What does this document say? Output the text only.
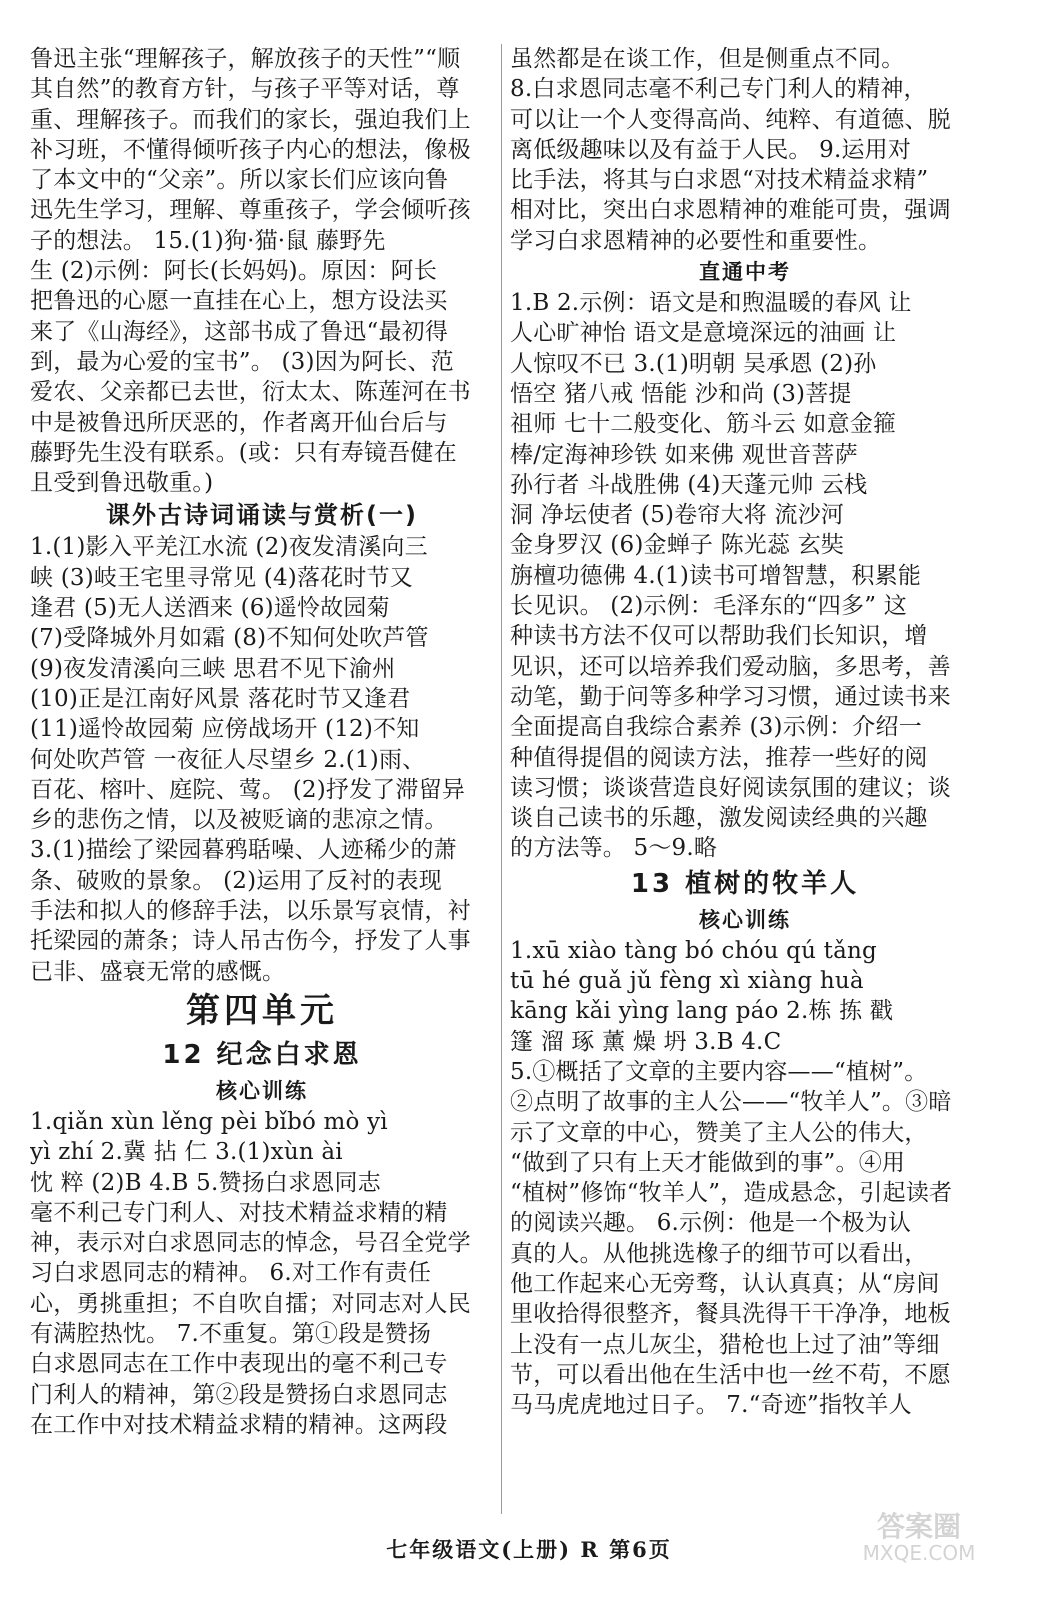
鲁迅主张“理解孩子，解放孩子的天性”“顺
其自然”的教育方针，与孩子平等对话，尊
重、理解孩子。而我们的家长，强迫我们上
补习班，不懂得倾听孩子内心的想法，像极
了本文中的“父亲”。所以家长们应该向鲁
迅先生学习，理解、尊重孩子，学会倾听孩
子的想法。 15.(1)狗·猫·鼠 藤野先
生 (2)示例：阿长(长妈妈)。原因：阿长
把鲁迅的心愿一直挂在心上，想方设法买
来了《山海经》，这部书成了鲁迅“最初得
到，最为心爱的宝书”。 (3)因为阿长、范
爱农、父亲都已去世，衍太太、陈莲河在书
中是被鲁迅所厌恶的，作者离开仙台后与
藤野先生没有联系。(或：只有寿镜吾健在
且受到鲁迅敬重。)
课外古诗词诵读与赏析(一)
1.(1)影入平羌江水流 (2)夜发清溪向三
峡 (3)岐王宅里寻常见 (4)落花时节又
逢君 (5)无人送酒来 (6)遥怜故园菊
(7)受降城外月如霜 (8)不知何处吹芦管
(9)夜发清溪向三峡 思君不见下渝州
(10)正是江南好风景 落花时节又逢君
(11)遥怜故园菊 应傍战场开 (12)不知
何处吹芦管 一夜征人尽望乡 2.(1)雨、
百花、榕叶、庭院、莺。 (2)抒发了滞留异
乡的悲伤之情，以及被贬谪的悲凉之情。
3.(1)描绘了梁园暮鸦聒噪、人迹稀少的萧
条、破败的景象。 (2)运用了反衬的表现
手法和拟人的修辞手法，以乐景写哀情，衬
托梁园的萧条；诗人吊古伤今，抒发了人事
已非、盛衰无常的感慨。
第四单元
12 纪念白求恩
核心训练
1.qiǎn xùn lěng pèi bǐbó mò yì
yì zhí 2.冀 拈 仁 3.(1)xùn ài
忱 粹 (2)B 4.B 5.赞扬白求恩同志
毫不利己专门利人、对技术精益求精的精
神，表示对白求恩同志的悼念，号召全党学
习白求恩同志的精神。 6.对工作有责任
心，勇挑重担；不自吹自擂；对同志对人民
有满腔热忱。 7.不重复。第①段是赞扬
白求恩同志在工作中表现出的毫不利己专
门利人的精神，第②段是赞扬白求恩同志
在工作中对技术精益求精的精神。这两段
虽然都是在谈工作，但是侧重点不同。
8.白求恩同志毫不利己专门利人的精神，
可以让一个人变得高尚、纯粹、有道德、脱
离低级趣味以及有益于人民。 9.运用对
比手法，将其与白求恩“对技术精益求精”
相对比，突出白求恩精神的难能可贵，强调
学习白求恩精神的必要性和重要性。
直通中考
1.B 2.示例：语文是和煦温暖的春风 让
人心旷神怡 语文是意境深远的油画 让
人惊叹不已 3.(1)明朝 吴承恩 (2)孙
悟空 猪八戒 悟能 沙和尚 (3)菩提
祖师 七十二般变化、筋斗云 如意金箍
棒/定海神珍铁 如来佛 观世音菩萨
孙行者 斗战胜佛 (4)天蓬元帅 云栈
洞 净坛使者 (5)卷帘大将 流沙河
金身罗汉 (6)金蝉子 陈光蕊 玄奘
旃檀功德佛 4.(1)读书可增智慧，积累能
长见识。 (2)示例：毛泽东的“四多” 这
种读书方法不仅可以帮助我们长知识，增
见识，还可以培养我们爱动脑，多思考，善
动笔，勤于问等多种学习习惯，通过读书来
全面提高自我综合素养 (3)示例：介绍一
种值得提倡的阅读方法，推荐一些好的阅
读习惯；谈谈营造良好阅读氛围的建议；谈
谈自己读书的乐趣，激发阅读经典的兴趣
的方法等。 5～9.略
13 植树的牧羊人
核心训练
1.xū xiào tàng bó chóu qú tǎng
tū hé guǎ jǔ fèng xì xiàng huà
kāng kǎi yìng lang páo 2.栋 拣 戳
篷 溜 琢 薰 燥 坍 3.B 4.C
5.①概括了文章的主要内容——“植树”。
②点明了故事的主人公——“牧羊人”。③暗
示了文章的中心，赞美了主人公的伟大，
“做到了只有上天才能做到的事”。④用
“植树”修饰“牧羊人”，造成悬念，引起读者
的阅读兴趣。 6.示例：他是一个极为认
真的人。从他挑选橡子的细节可以看出，
他工作起来心无旁骛，认认真真；从“房间
里收拾得很整齐，餐具洗得干干净净，地板
上没有一点儿灰尘，猎枪也上过了油”等细
节，可以看出他在生活中也一丝不苟，不愿
马马虎虎地过日子。 7.“奇迹”指牧羊人
七年级语文(上册) R 第6页
答案圈
MXQE.COM
